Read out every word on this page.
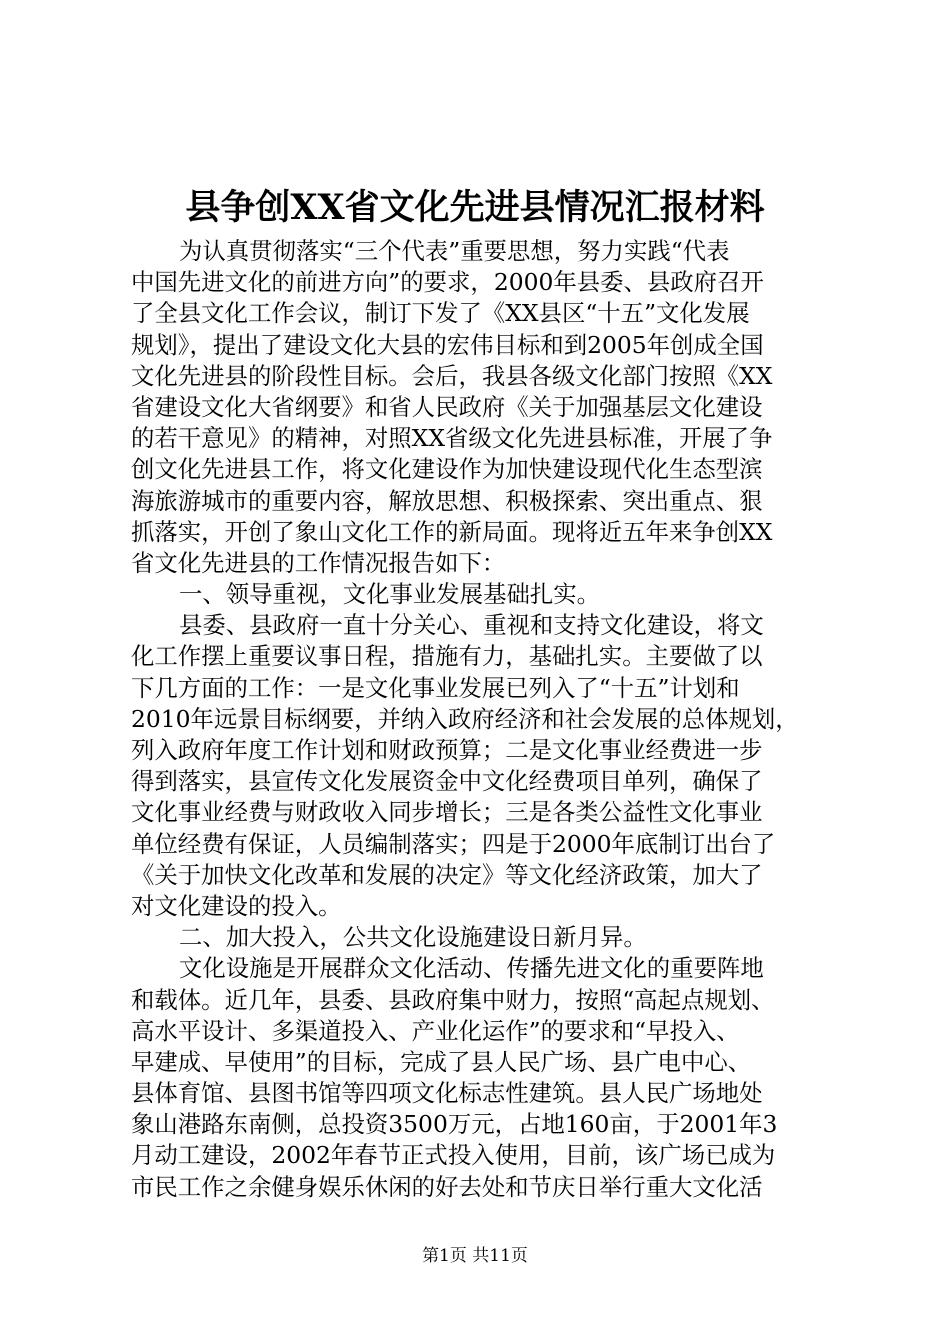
县争创XX省文化先进县情况汇报材料
为认真贯彻落实“三个代表”重要思想，努力实践“代表
中国先进文化的前进方向”的要求，2000年县委、县政府召开
了全县文化工作会议，制订下发了《XX县区“十五”文化发展
规划》，提出了建设文化大县的宏伟目标和到2005年创成全国
文化先进县的阶段性目标。会后，我县各级文化部门按照《XX
省建设文化大省纲要》和省人民政府《关于加强基层文化建设
的若干意见》的精神，对照XX省级文化先进县标准，开展了争
创文化先进县工作，将文化建设作为加快建设现代化生态型滨
海旅游城市的重要内容，解放思想、积极探索、突出重点、狠
抓落实，开创了象山文化工作的新局面。现将近五年来争创XX
省文化先进县的工作情况报告如下：
一、领导重视，文化事业发展基础扎实。
县委、县政府一直十分关心、重视和支持文化建设，将文
化工作摆上重要议事日程，措施有力，基础扎实。主要做了以
下几方面的工作：一是文化事业发展已列入了“十五”计划和
2010年远景目标纲要，并纳入政府经济和社会发展的总体规划，
列入政府年度工作计划和财政预算；二是文化事业经费进一步
得到落实，县宣传文化发展资金中文化经费项目单列，确保了
文化事业经费与财政收入同步增长；三是各类公益性文化事业
单位经费有保证，人员编制落实；四是于2000年底制订出台了
《关于加快文化改革和发展的决定》等文化经济政策，加大了
对文化建设的投入。
二、加大投入，公共文化设施建设日新月异。
文化设施是开展群众文化活动、传播先进文化的重要阵地
和载体。近几年，县委、县政府集中财力，按照“高起点规划、
高水平设计、多渠道投入、产业化运作”的要求和“早投入、
早建成、早使用”的目标，完成了县人民广场、县广电中心、
县体育馆、县图书馆等四项文化标志性建筑。县人民广场地处
象山港路东南侧，总投资3500万元，占地160亩，于2001年3
月动工建设，2002年春节正式投入使用，目前，该广场已成为
市民工作之余健身娱乐休闲的好去处和节庆日举行重大文化活
第1页 共11页
